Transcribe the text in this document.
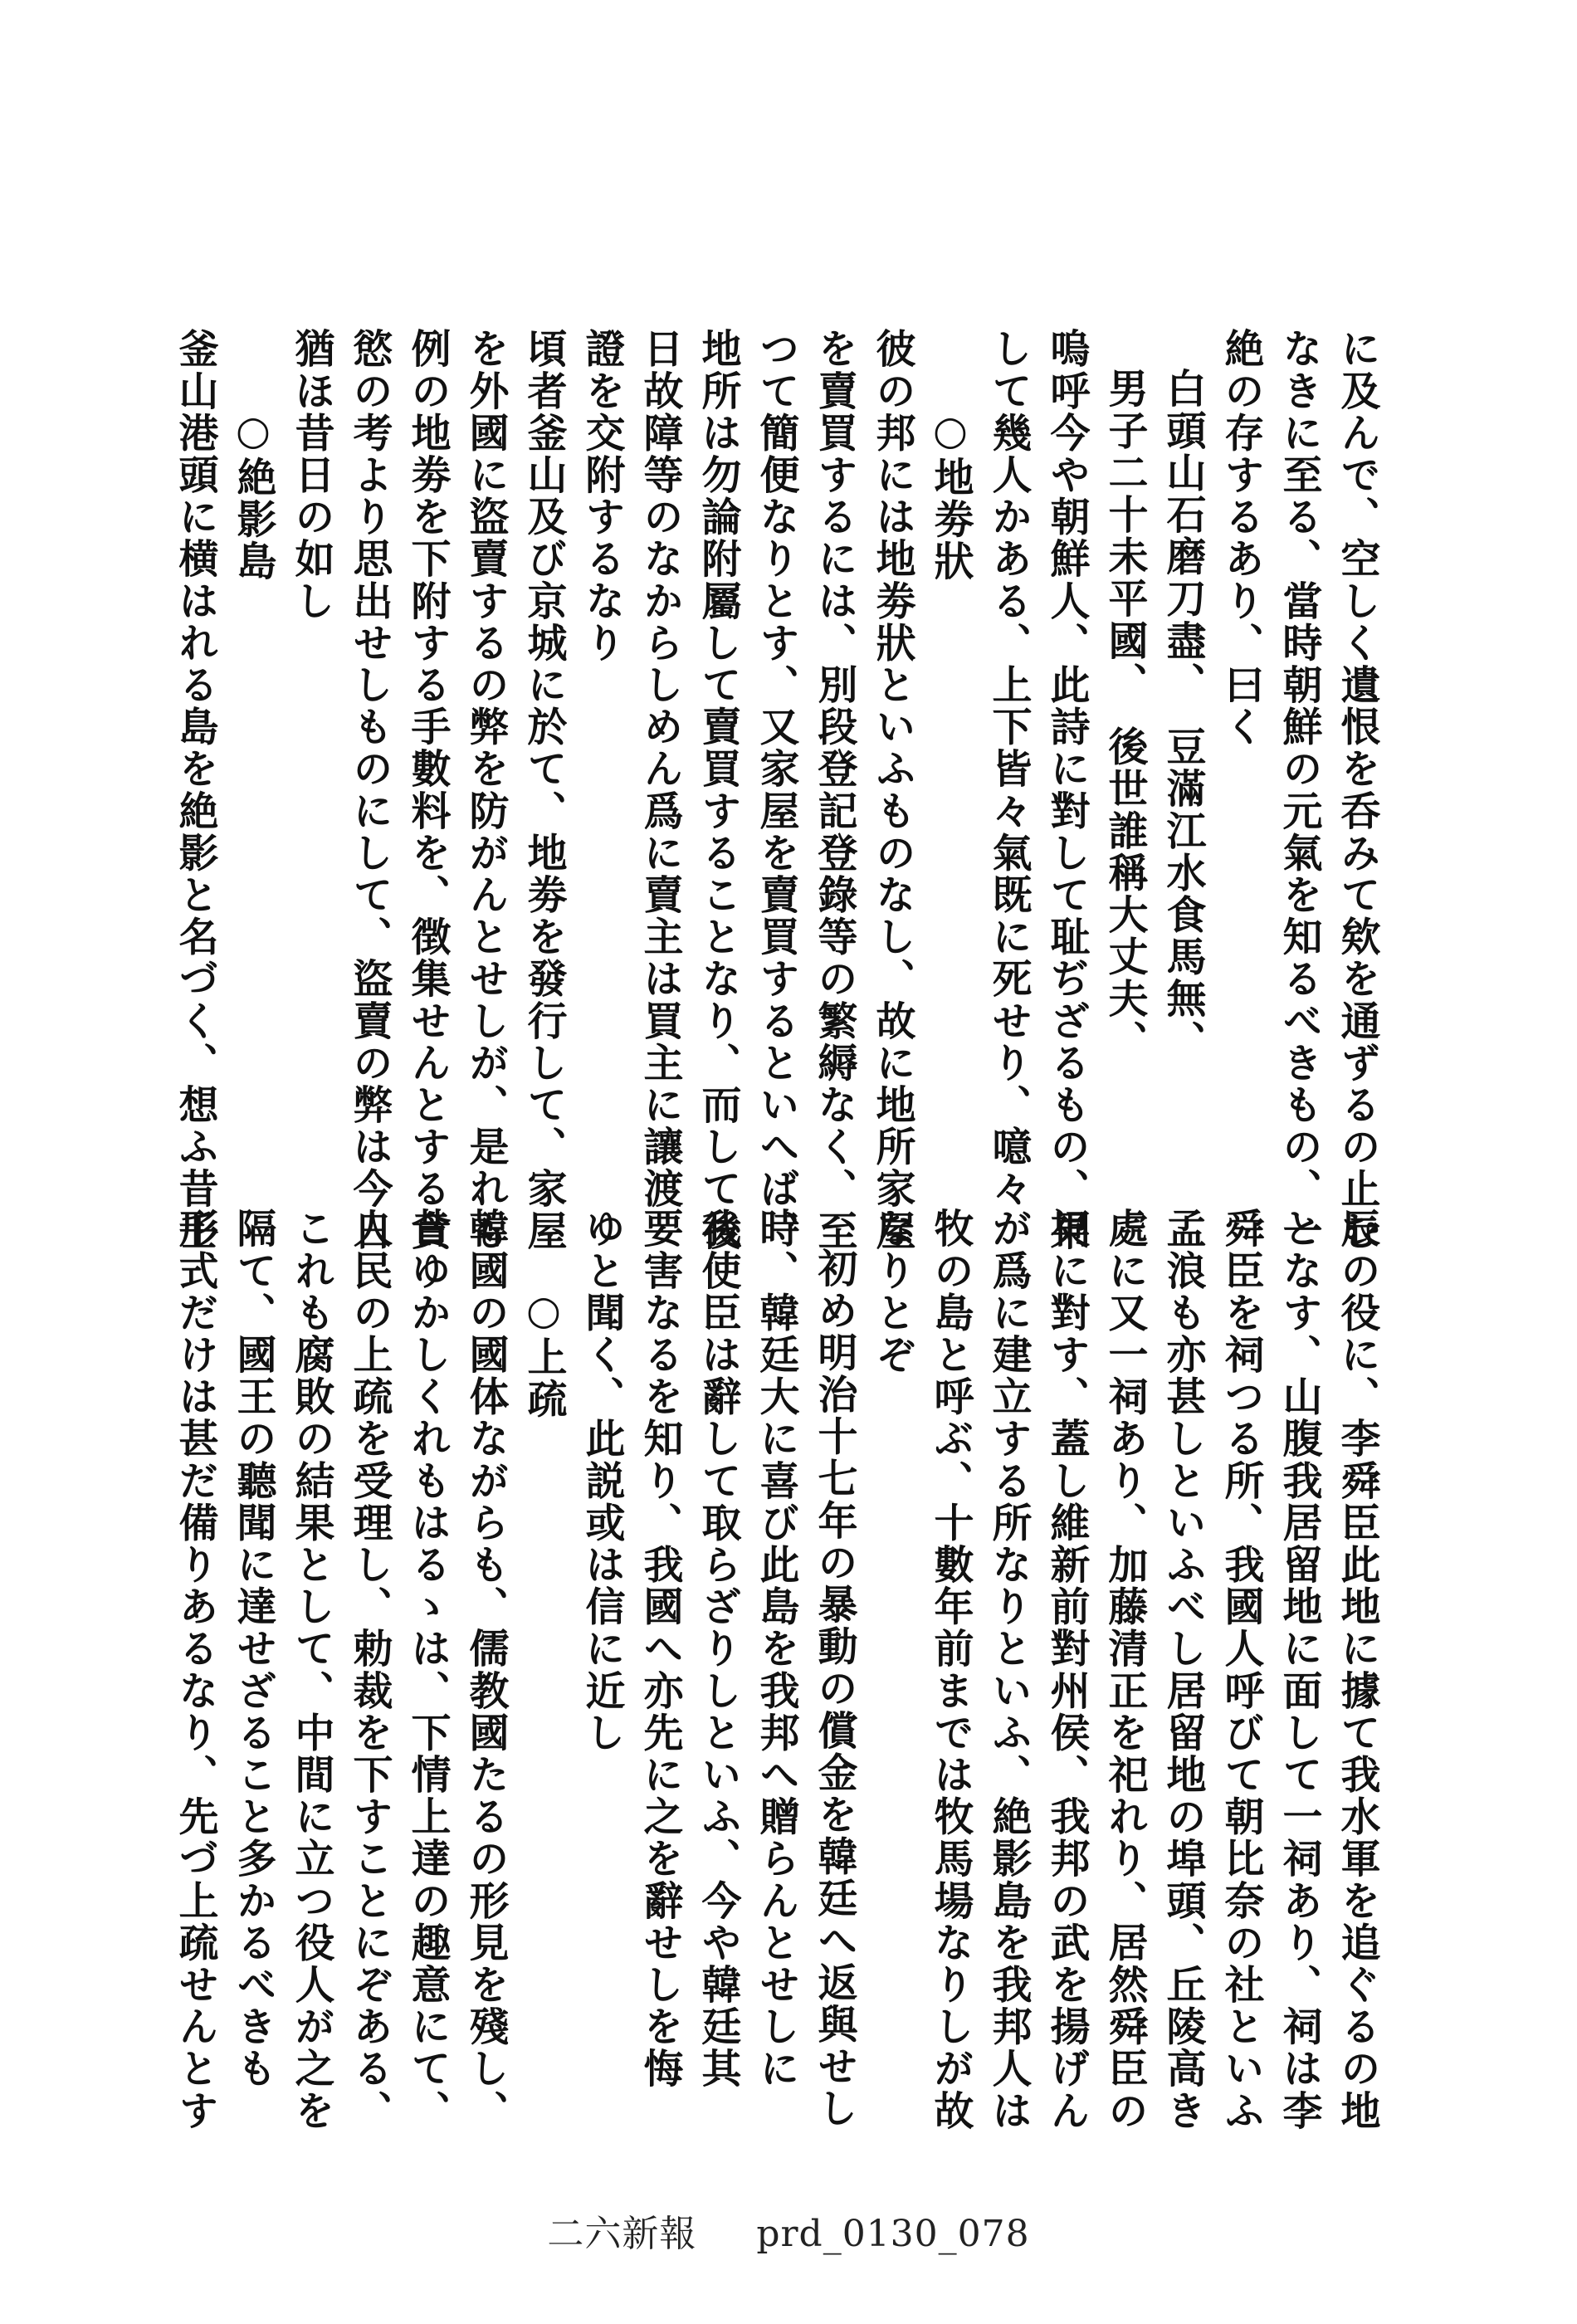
に及んで、空しく遺恨を呑みて欸を通ずるの止む
なきに至る、當時朝鮮の元氣を知るべきもの、一
絶の存するあり、曰く
白頭山石磨刀盡、　豆滿江水食馬無、
男子二十未平國、　後世誰稱大丈夫、
嗚呼今や朝鮮人、此詩に對して耻ぢざるもの、果
して幾人かある、上下皆々氣既に死せり、噫々
○地劵狀
彼の邦には地劵狀といふものなし、故に地所家屋
を賣買するには、別段登記登錄等の繁縟なく、至
つて簡便なりとす、又家屋を賣買するといへば、
地所は勿論附屬して賣買することなり、而して後
日故障等のなからしめん爲に賣主は買主に讓渡
證を交附するなり
頃者釜山及び京城に於て、地劵を發行して、家屋
を外國に盜賣するの弊を防がんとせしが、是れも
例の地劵を下附する手數料を、徴集せんとする貪
慾の考より思出せしものにして、盜賣の弊は今日
猶ほ昔日の如し
○絶影島
釜山港頭に横はれる島を絶影と名づく、想ふ昔壬
辰の役に、李舜臣此地に據て我水軍を追ぐるの地
となす、山腹我居留地に面して一祠あり、祠は李
舜臣を祠つる所、我國人呼びて朝比奈の社といふ
孟浪も亦甚しといふべし居留地の埠頭、丘陵高き
處に又一祠あり、加藤清正を祀れり、居然舜臣の
祠に對す、蓋し維新前對州侯、我邦の武を揚げん
が爲に建立する所なりといふ、絶影島を我邦人は
牧の島と呼ぶ、十數年前までは牧馬場なりしが故
なりとぞ
初め明治十七年の暴動の償金を韓廷へ返與せし
時、韓廷大に喜び此島を我邦へ贈らんとせしに
我使臣は辭して取らざりしといふ、今や韓廷其
要害なるを知り、我國へ亦先に之を辭せしを悔
ゆと聞く、此説或は信に近し
○上疏
韓國の國体ながらも、儒教國たるの形見を殘し、
昔ゆかしくれもはるゝは、下情上達の趣意にて、
人民の上疏を受理し、勅裁を下すことにぞある、
これも腐敗の結果として、中間に立つ役人が之を
隔て、國王の聽聞に達せざること多かるべきも
形式だけは甚だ備りあるなり、先づ上疏せんとす
二六新報 prd_0130_078
